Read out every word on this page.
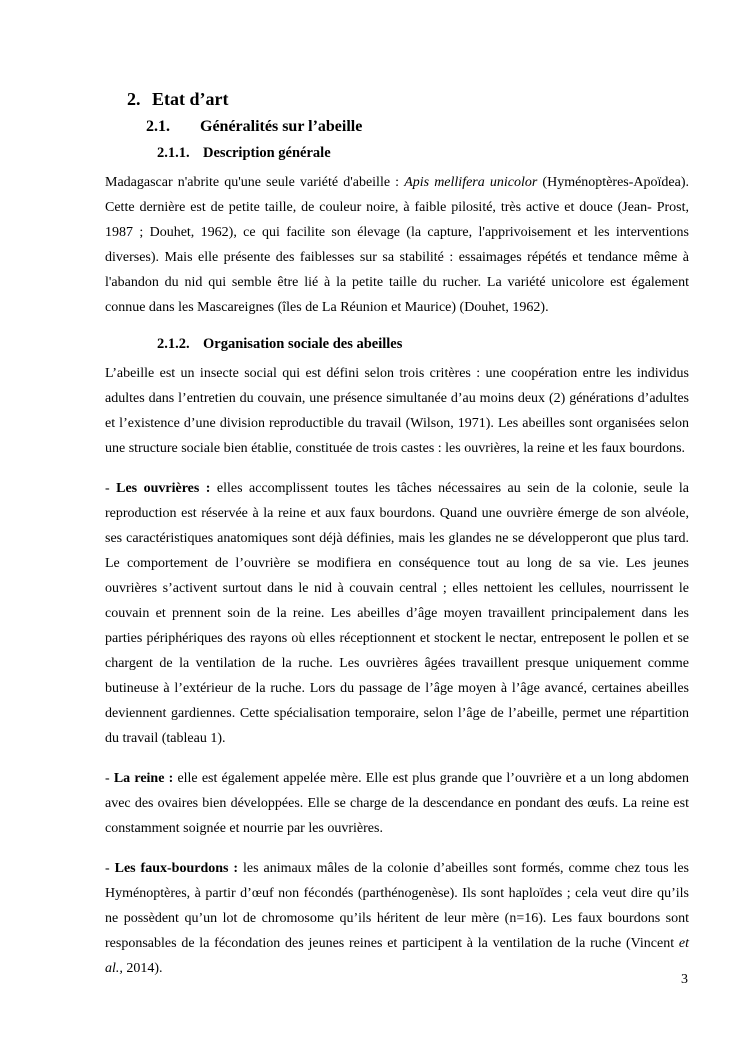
2. Etat d’art
2.1. Généralités sur l’abeille
2.1.1. Description générale

Madagascar n'abrite qu'une seule variété d'abeille : Apis mellifera unicolor (Hyménoptères-Apoïdea). Cette dernière est de petite taille, de couleur noire, à faible pilosité, très active et douce (Jean- Prost, 1987 ; Douhet, 1962), ce qui facilite son élevage (la capture, l'apprivoisement et les interventions diverses). Mais elle présente des faiblesses sur sa stabilité : essaimages répétés et tendance même à l'abandon du nid qui semble être lié à la petite taille du rucher. La variété unicolore est également connue dans les Mascareignes (îles de La Réunion et Maurice) (Douhet, 1962).

2.1.2. Organisation sociale des abeilles

L’abeille est un insecte social qui est défini selon trois critères : une coopération entre les individus adultes dans l’entretien du couvain, une présence simultanée d’au moins deux (2) générations d’adultes et l’existence d’une division reproductible du travail (Wilson, 1971). Les abeilles sont organisées selon une structure sociale bien établie, constituée de trois castes : les ouvrières, la reine et les faux bourdons.

- Les ouvrières : elles accomplissent toutes les tâches nécessaires au sein de la colonie, seule la reproduction est réservée à la reine et aux faux bourdons. Quand une ouvrière émerge de son alvéole, ses caractéristiques anatomiques sont déjà définies, mais les glandes ne se développeront que plus tard. Le comportement de l’ouvrière se modifiera en conséquence tout au long de sa vie. Les jeunes ouvrières s’activent surtout dans le nid à couvain central ; elles nettoient les cellules, nourrissent le couvain et prennent soin de la reine. Les abeilles d’âge moyen travaillent principalement dans les parties périphériques des rayons où elles réceptionnent et stockent le nectar, entreposent le pollen et se chargent de la ventilation de la ruche. Les ouvrières âgées travaillent presque uniquement comme butineuse à l’extérieur de la ruche. Lors du passage de l’âge moyen à l’âge avancé, certaines abeilles deviennent gardiennes. Cette spécialisation temporaire, selon l’âge de l’abeille, permet une répartition du travail (tableau 1).

- La reine : elle est également appelée mère. Elle est plus grande que l’ouvrière et a un long abdomen avec des ovaires bien développées. Elle se charge de la descendance en pondant des œufs. La reine est constamment soignée et nourrie par les ouvrières.

- Les faux-bourdons : les animaux mâles de la colonie d’abeilles sont formés, comme chez tous les Hyménoptères, à partir d’œuf non fécondés (parthénogenèse). Ils sont haploïdes ; cela veut dire qu’ils ne possèdent qu’un lot de chromosome qu’ils héritent de leur mère (n=16). Les faux bourdons sont responsables de la fécondation des jeunes reines et participent à la ventilation de la ruche (Vincent et al., 2014).

3
